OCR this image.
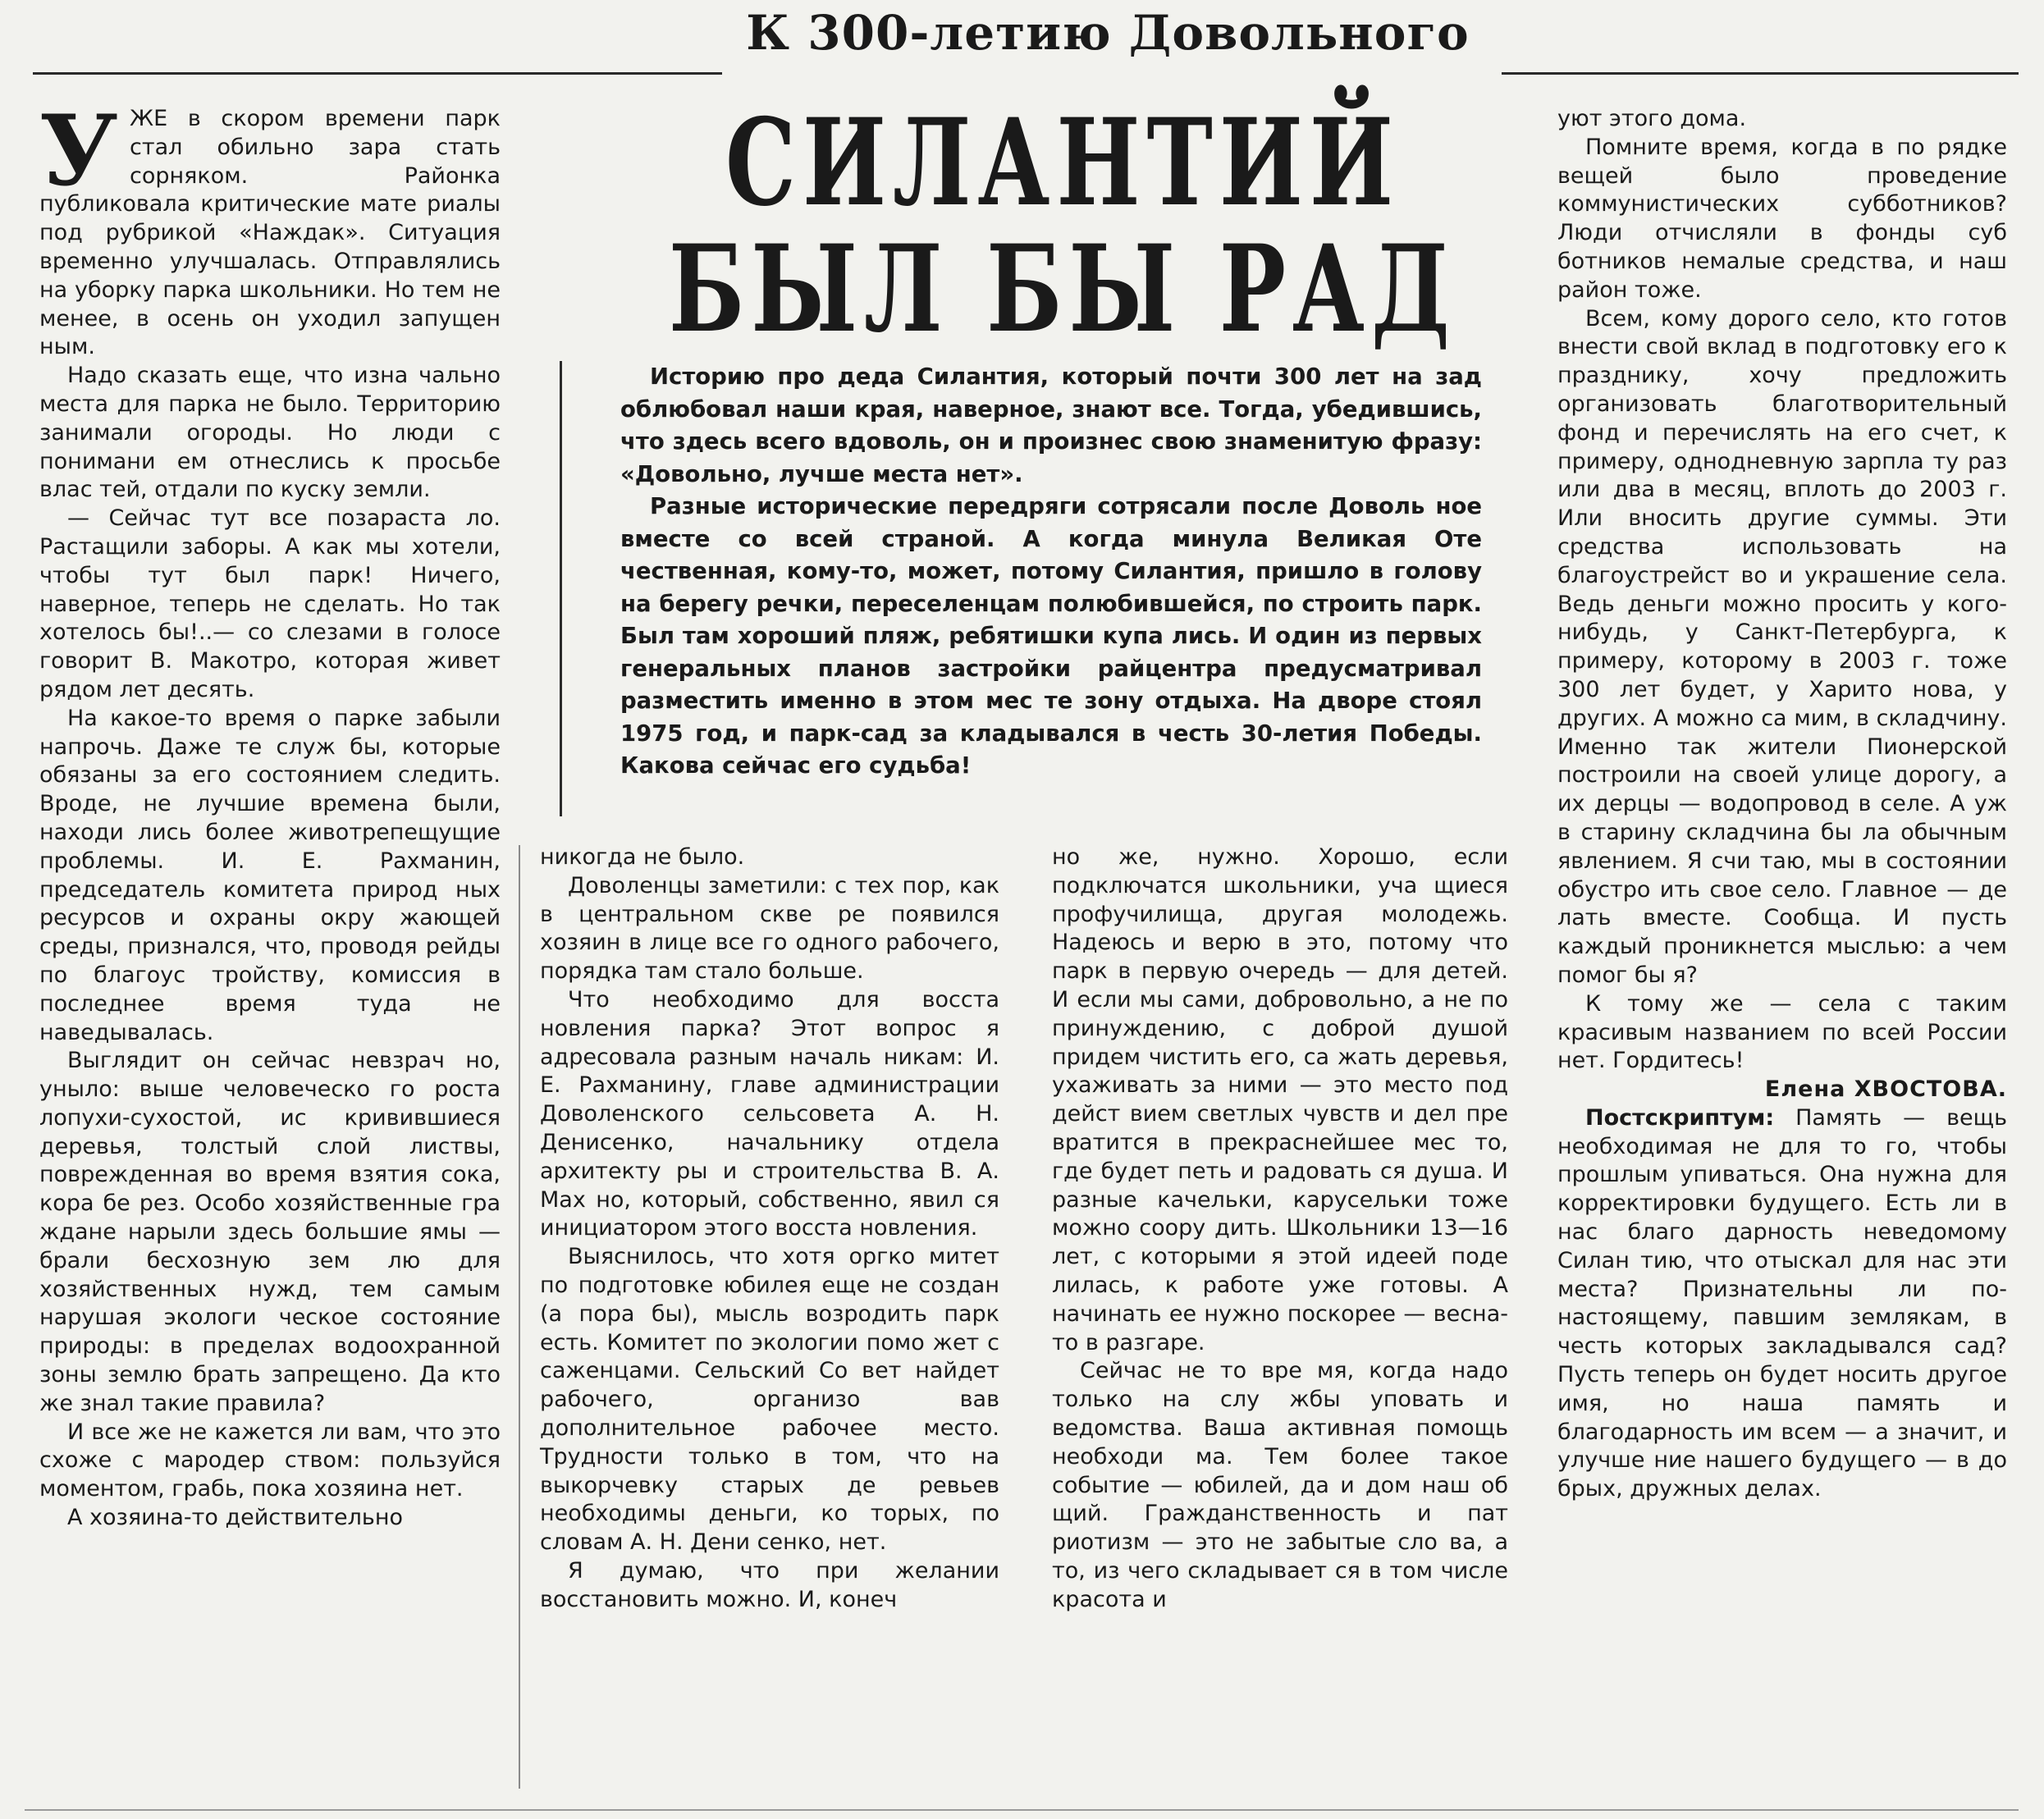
К 300-летию Довольного
СИЛАНТИЙ
БЫЛ БЫ РАД

Историю про деда Силантия, который почти 300 лет на зад облюбовал наши края, наверное, знают все. Тогда, убедившись, что здесь всего вдоволь, он и произнес свою знаменитую фразу: «Довольно, лучше места нет».

Разные исторические передряги сотрясали после Доволь ное вместе со всей страной. А когда минула Великая Оте чественная, кому-то, может, потому Силантия, пришло в голову на берегу речки, переселенцам полюбившейся, по строить парк. Был там хороший пляж, ребятишки купа лись. И один из первых генеральных планов застройки райцентра предусматривал разместить именно в этом мес те зону отдыха. На дворе стоял 1975 год, и парк-сад за кладывался в честь 30-летия Победы. Какова сейчас его судьба!

УЖЕ в скором времени парк стал обильно зара стать сорняком. Районка публиковала критические мате риалы под рубрикой «Наждак». Ситуация временно улучшалась. Отправлялись на уборку парка школьники. Но тем не менее, в осень он уходил запущен ным.

Надо сказать еще, что изна чально места для парка не было. Территорию занимали огороды. Но люди с понимани ем отнеслись к просьбе влас тей, отдали по куску земли.

— Сейчас тут все позараста ло. Растащили заборы. А как мы хотели, чтобы тут был парк! Ничего, наверное, теперь не сделать. Но так хотелось бы!..— со слезами в голосе говорит В. Макотро, которая живет рядом лет десять.

На какое-то время о парке забыли напрочь. Даже те служ бы, которые обязаны за его состоянием следить. Вроде, не лучшие времена были, находи лись более животрепещущие проблемы. И. Е. Рахманин, председатель комитета природ ных ресурсов и охраны окру жающей среды, признался, что, проводя рейды по благоус тройству, комиссия в последнее время туда не наведывалась.

Выглядит он сейчас невзрач но, уныло: выше человеческо го роста лопухи-сухостой, ис кривившиеся деревья, толстый слой листвы, поврежденная во время взятия сока, кора бе рез. Особо хозяйственные гра ждане нарыли здесь большие ямы — брали бесхозную зем лю для хозяйственных нужд, тем самым нарушая экологи ческое состояние природы: в пределах водоохранной зоны землю брать запрещено. Да кто же знал такие правила?

И все же не кажется ли вам, что это схоже с мародер ством: пользуйся моментом, грабь, пока хозяина нет.

А хозяина-то действительно

никогда не было.

Доволенцы заметили: с тех пор, как в центральном скве ре появился хозяин в лице все го одного рабочего, порядка там стало больше.

Что необходимо для восста новления парка? Этот вопрос я адресовала разным началь никам: И. Е. Рахманину, главе администрации Доволенского сельсовета А. Н. Денисенко, начальнику отдела архитекту ры и строительства В. А. Мах но, который, собственно, явил ся инициатором этого восста новления.

Выяснилось, что хотя оргко митет по подготовке юбилея еще не создан (а пора бы), мысль возродить парк есть. Комитет по экологии помо жет с саженцами. Сельский Со вет найдет рабочего, организо вав дополнительное рабочее место. Трудности только в том, что на выкорчевку старых де ревьев необходимы деньги, ко торых, по словам А. Н. Дени сенко, нет.

Я думаю, что при желании восстановить можно. И, конеч

но же, нужно. Хорошо, если подключатся школьники, уча щиеся профучилища, другая молодежь. Надеюсь и верю в это, потому что парк в первую очередь — для детей. И если мы сами, добровольно, а не по принуждению, с доброй душой придем чистить его, са жать деревья, ухаживать за ними — это место под дейст вием светлых чувств и дел пре вратится в прекраснейшее мес то, где будет петь и радовать ся душа. И разные качельки, карусельки тоже можно соору дить. Школьники 13—16 лет, с которыми я этой идеей поде лилась, к работе уже готовы. А начинать ее нужно поскорее — весна-то в разгаре.

Сейчас не то вре мя, когда надо только на слу жбы уповать и ведомства. Ваша активная помощь необходи ма. Тем более такое событие — юбилей, да и дом наш об щий. Гражданственность и пат риотизм — это не забытые сло ва, а то, из чего складывает ся в том числе красота и

уют этого дома.

Помните время, когда в по рядке вещей было проведение коммунистических субботников? Люди отчисляли в фонды суб ботников немалые средства, и наш район тоже.

Всем, кому дорого село, кто готов внести свой вклад в подготовку его к празднику, хочу предложить организовать благотворительный фонд и перечислять на его счет, к примеру, однодневную зарпла ту раз или два в месяц, вплоть до 2003 г. Или вносить другие суммы. Эти средства использовать на благоустрейст во и украшение села. Ведь деньги можно просить у кого-нибудь, у Санкт-Петербурга, к примеру, которому в 2003 г. тоже 300 лет будет, у Харито нова, у других. А можно са мим, в складчину. Именно так жители Пионерской построили на своей улице дорогу, а их дерцы — водопровод в селе. А уж в старину складчина бы ла обычным явлением. Я счи таю, мы в состоянии обустро ить свое село. Главное — де лать вместе. Сообща. И пусть каждый проникнется мыслью: а чем помог бы я?

К тому же — села с таким красивым названием по всей России нет. Гордитесь!

Елена ХВОСТОВА.

Постскриптум: Память — вещь необходимая не для то го, чтобы прошлым упиваться. Она нужна для корректировки будущего. Есть ли в нас благо дарность неведомому Силан тию, что отыскал для нас эти места? Признательны ли по-настоящему, павшим землякам, в честь которых закладывался сад? Пусть теперь он будет носить другое имя, но наша память и благодарность им всем — а значит, и улучше ние нашего будущего — в до брых, дружных делах.
